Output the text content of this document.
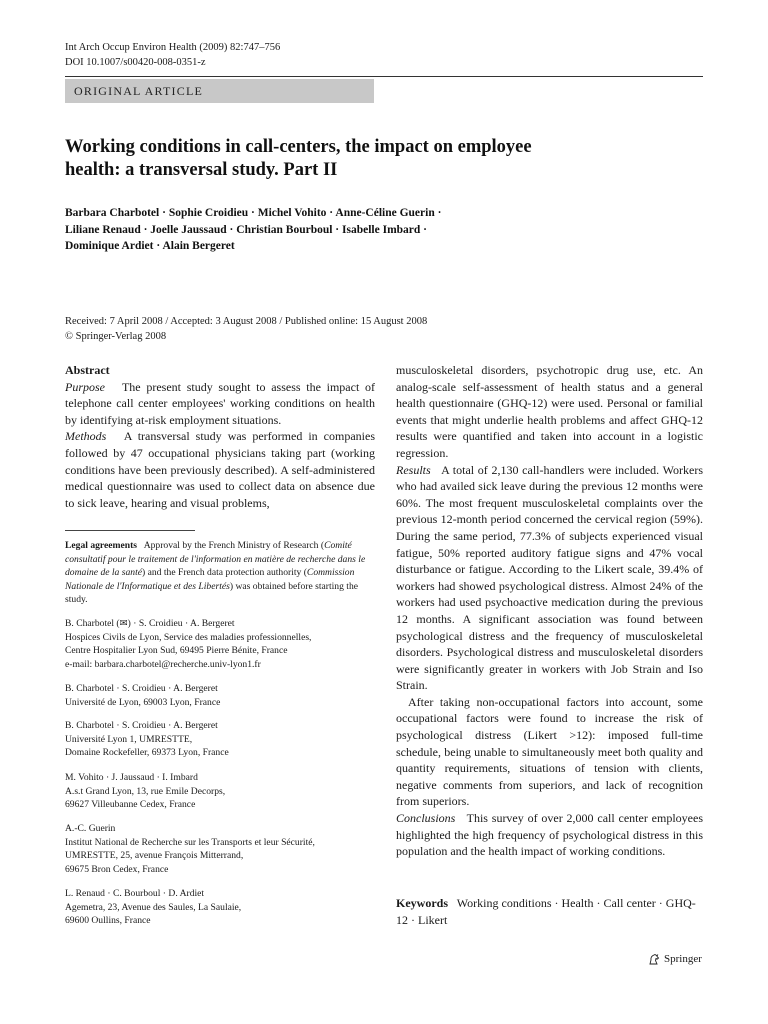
Int Arch Occup Environ Health (2009) 82:747–756
DOI 10.1007/s00420-008-0351-z
ORIGINAL ARTICLE
Working conditions in call-centers, the impact on employee
health: a transversal study. Part II
Barbara Charbotel · Sophie Croidieu · Michel Vohito · Anne-Céline Guerin ·
Liliane Renaud · Joelle Jaussaud · Christian Bourboul · Isabelle Imbard ·
Dominique Ardiet · Alain Bergeret
Received: 7 April 2008 / Accepted: 3 August 2008 / Published online: 15 August 2008
© Springer-Verlag 2008
Abstract

Purpose The present study sought to assess the impact of telephone call center employees' working conditions on health by identifying at-risk employment situations.

Methods A transversal study was performed in companies followed by 47 occupational physicians taking part (working conditions have been previously described). A self-administered medical questionnaire was used to collect data on absence due to sick leave, hearing and visual problems,

Legal agreements Approval by the French Ministry of Research (Comité consultatif pour le traitement de l'information en matière de recherche dans le domaine de la santé) and the French data protection authority (Commission Nationale de l'Informatique et des Libertés) was obtained before starting the study.
B. Charbotel (✉) · S. Croidieu · A. Bergeret
Hospices Civils de Lyon, Service des maladies professionnelles,
Centre Hospitalier Lyon Sud, 69495 Pierre Bénite, France
e-mail: barbara.charbotel@recherche.univ-lyon1.fr
B. Charbotel · S. Croidieu · A. Bergeret
Université de Lyon, 69003 Lyon, France
B. Charbotel · S. Croidieu · A. Bergeret
Université Lyon 1, UMRESTTE,
Domaine Rockefeller, 69373 Lyon, France
M. Vohito · J. Jaussaud · I. Imbard
A.s.t Grand Lyon, 13, rue Emile Decorps,
69627 Villeubanne Cedex, France
A.-C. Guerin
Institut National de Recherche sur les Transports et leur Sécurité,
UMRESTTE, 25, avenue François Mitterrand,
69675 Bron Cedex, France
L. Renaud · C. Bourboul · D. Ardiet
Agemetra, 23, Avenue des Saules, La Saulaie,
69600 Oullins, France

musculoskeletal disorders, psychotropic drug use, etc. An analog-scale self-assessment of health status and a general health questionnaire (GHQ-12) were used. Personal or familial events that might underlie health problems and affect GHQ-12 results were quantified and taken into account in a logistic regression.

Results A total of 2,130 call-handlers were included. Workers who had availed sick leave during the previous 12 months were 60%. The most frequent musculoskeletal complaints over the previous 12-month period concerned the cervical region (59%). During the same period, 77.3% of subjects experienced visual fatigue, 50% reported auditory fatigue signs and 47% vocal disturbance or fatigue. According to the Likert scale, 39.4% of workers had showed psychological distress. Almost 24% of the workers had used psychoactive medication during the previous 12 months. A significant association was found between psychological distress and the frequency of musculoskeletal disorders. Psychological distress and musculoskeletal disorders were significantly greater in workers with Job Strain and Iso Strain.

After taking non-occupational factors into account, some occupational factors were found to increase the risk of psychological distress (Likert >12): imposed full-time schedule, being unable to simultaneously meet both quality and quantity requirements, situations of tension with clients, negative comments from superiors, and lack of recognition from superiors.

Conclusions This survey of over 2,000 call center employees highlighted the high frequency of psychological distress in this population and the health impact of working conditions.

Keywords Working conditions · Health · Call center · GHQ-12 · Likert
Springer
